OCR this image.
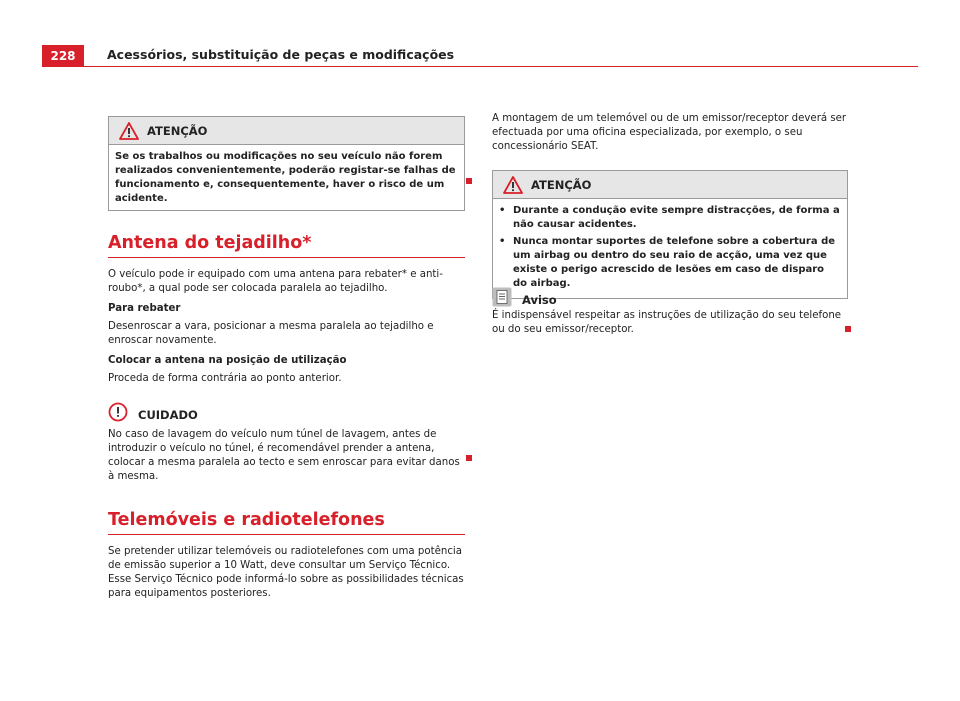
228	Acessórios, substituição de peças e modificações
ATENÇÃO
Se os trabalhos ou modificações no seu veículo não forem realizados convenientemente, poderão registar-se falhas de funcionamento e, consequentemente, haver o risco de um acidente.
Antena do tejadilho*

O veículo pode ir equipado com uma antena para rebater* e anti-roubo*, a qual pode ser colocada paralela ao tejadilho.

Para rebater

Desenroscar a vara, posicionar a mesma paralela ao tejadilho e enroscar novamente.

Colocar a antena na posição de utilização

Proceda de forma contrária ao ponto anterior.

CUIDADO

No caso de lavagem do veículo num túnel de lavagem, antes de introduzir o veículo no túnel, é recomendável prender a antena, colocar a mesma paralela ao tecto e sem enroscar para evitar danos à mesma.

Telemóveis e radiotelefones

Se pretender utilizar telemóveis ou radiotelefones com uma potência de emissão superior a 10 Watt, deve consultar um Serviço Técnico. Esse Serviço Técnico pode informá-lo sobre as possibilidades técnicas para equipamentos posteriores.

A montagem de um telemóvel ou de um emissor/receptor deverá ser efectuada por uma oficina especializada, por exemplo, o seu concessionário SEAT.

ATENÇÃO
• Durante a condução evite sempre distracções, de forma a não causar acidentes.
• Nunca montar suportes de telefone sobre a cobertura de um airbag ou dentro do seu raio de acção, uma vez que existe o perigo acrescido de lesões em caso de disparo do airbag.
Aviso

É indispensável respeitar as instruções de utilização do seu telefone ou do seu emissor/receptor.
